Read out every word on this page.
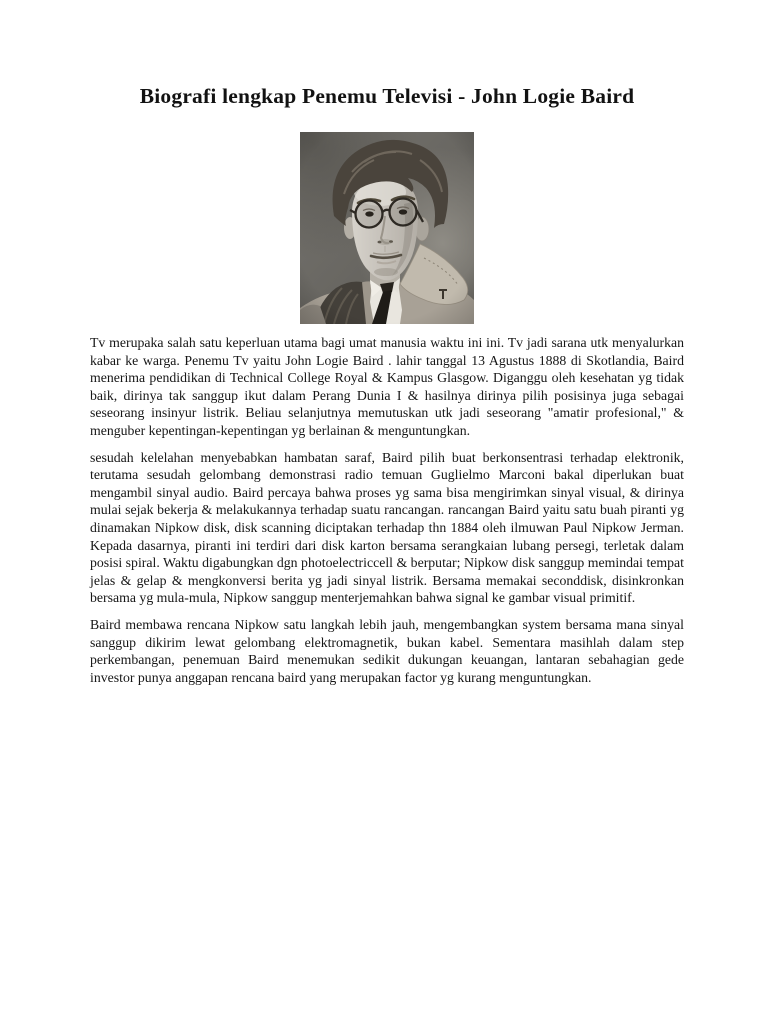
Biografi lengkap Penemu Televisi - John Logie Baird

Tv merupaka salah satu keperluan utama bagi umat manusia waktu ini ini. Tv jadi sarana utk menyalurkan kabar ke warga. Penemu Tv yaitu John Logie Baird . lahir tanggal 13 Agustus 1888 di Skotlandia, Baird menerima pendidikan di Technical College Royal & Kampus Glasgow. Diganggu oleh kesehatan yg tidak baik, dirinya tak sanggup ikut dalam Perang Dunia I & hasilnya dirinya pilih posisinya juga sebagai seseorang insinyur listrik. Beliau selanjutnya memutuskan utk jadi seseorang "amatir profesional," & menguber kepentingan-kepentingan yg berlainan & menguntungkan.

sesudah kelelahan menyebabkan hambatan saraf, Baird pilih buat berkonsentrasi terhadap elektronik, terutama sesudah gelombang demonstrasi radio temuan Guglielmo Marconi bakal diperlukan buat mengambil sinyal audio. Baird percaya bahwa proses yg sama bisa mengirimkan sinyal visual, & dirinya mulai sejak bekerja & melakukannya terhadap suatu rancangan. rancangan Baird yaitu satu buah piranti yg dinamakan Nipkow disk, disk scanning diciptakan terhadap thn 1884 oleh ilmuwan Paul Nipkow Jerman. Kepada dasarnya, piranti ini terdiri dari disk karton bersama serangkaian lubang persegi, terletak dalam posisi spiral. Waktu digabungkan dgn photoelectriccell & berputar; Nipkow disk sanggup memindai tempat jelas & gelap & mengkonversi berita yg jadi sinyal listrik. Bersama memakai seconddisk, disinkronkan bersama yg mula-mula, Nipkow sanggup menterjemahkan bahwa signal ke gambar visual primitif.

Baird membawa rencana Nipkow satu langkah lebih jauh, mengembangkan system bersama mana sinyal sanggup dikirim lewat gelombang elektromagnetik, bukan kabel. Sementara masihlah dalam step perkembangan, penemuan Baird menemukan sedikit dukungan keuangan, lantaran sebahagian gede investor punya anggapan rencana baird yang merupakan factor yg kurang menguntungkan.
